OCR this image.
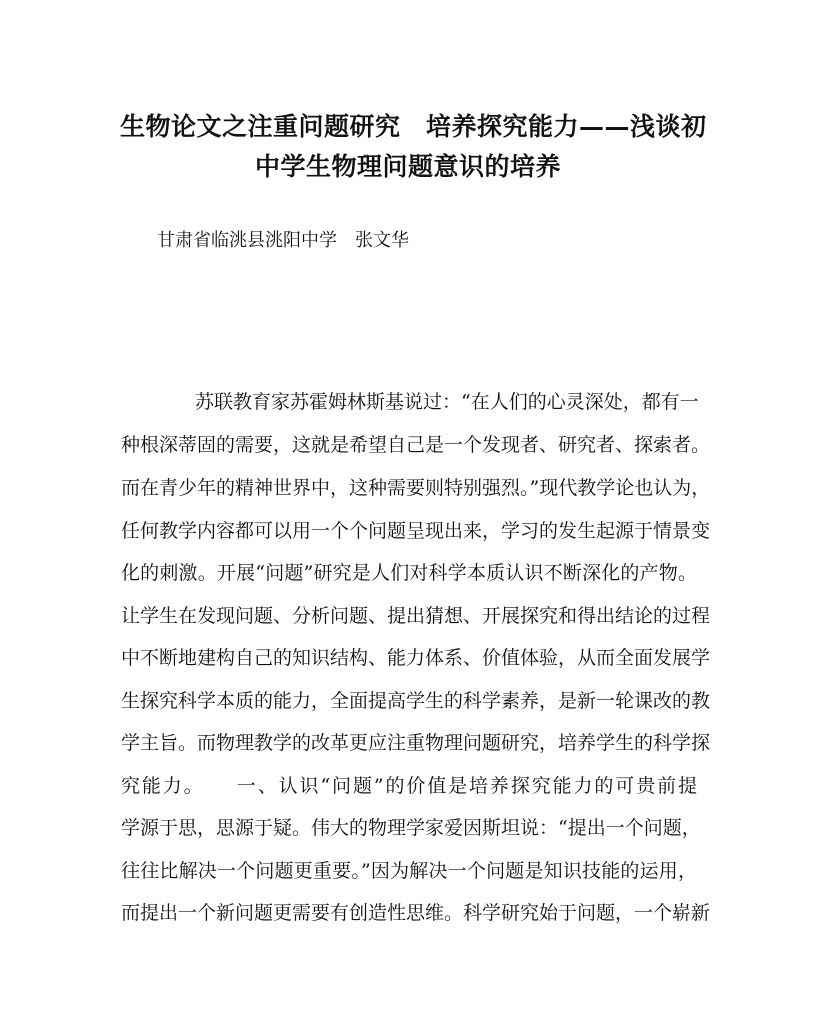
生物论文之注重问题研究　培养探究能力——浅谈初
中学生物理问题意识的培养

甘肃省临洮县洮阳中学　张文华

苏联教育家苏霍姆林斯基说过：“在人们的心灵深处，都有一

种根深蒂固的需要，这就是希望自己是一个发现者、研究者、探索者。

而在青少年的精神世界中，这种需要则特别强烈。”现代教学论也认为，

任何教学内容都可以用一个个问题呈现出来，学习的发生起源于情景变

化的刺激。开展“问题”研究是人们对科学本质认识不断深化的产物。

让学生在发现问题、分析问题、提出猜想、开展探究和得出结论的过程

中不断地建构自己的知识结构、能力体系、价值体验，从而全面发展学

生探究科学本质的能力，全面提高学生的科学素养，是新一轮课改的教

学主旨。而物理教学的改革更应注重物理问题研究，培养学生的科学探

究能力。　　一、认识“问题”的价值是培养探究能力的可贵前提

学源于思，思源于疑。伟大的物理学家爱因斯坦说：“提出一个问题，

往往比解决一个问题更重要。”因为解决一个问题是知识技能的运用，

而提出一个新问题更需要有创造性思维。科学研究始于问题，一个崭新
